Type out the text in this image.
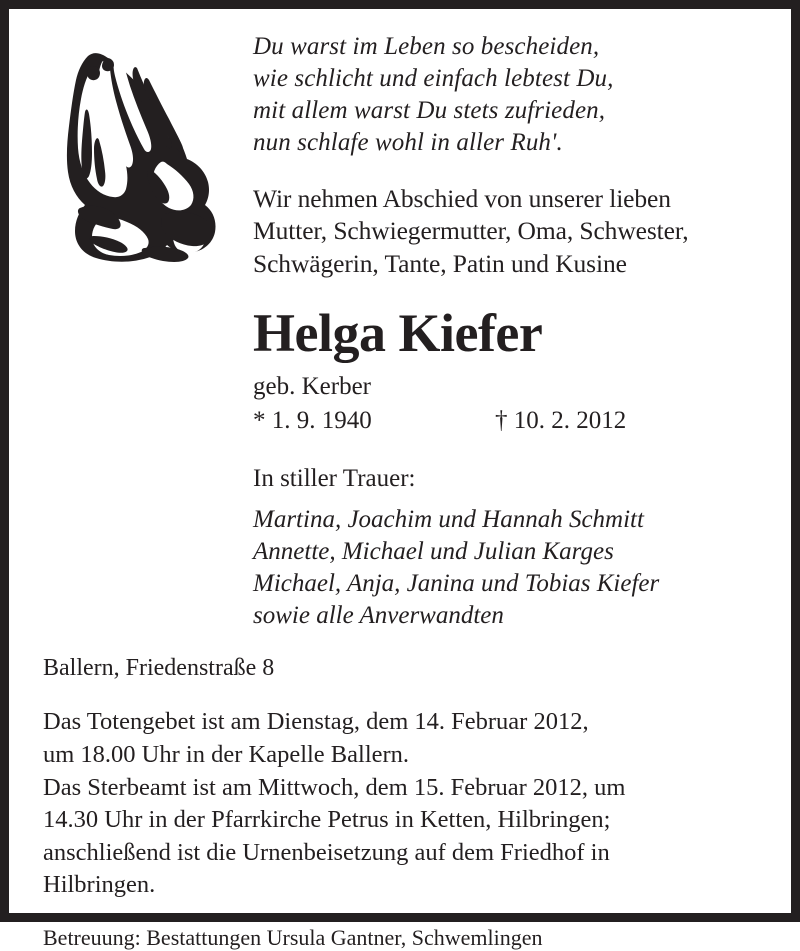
Du warst im Leben so bescheiden,
wie schlicht und einfach lebtest Du,
mit allem warst Du stets zufrieden,
nun schlafe wohl in aller Ruh'.
Wir nehmen Abschied von unserer lieben
Mutter, Schwiegermutter, Oma, Schwester,
Schwägerin, Tante, Patin und Kusine
Helga Kiefer
geb. Kerber
* 1. 9. 1940	† 10. 2. 2012
In stiller Trauer:
Martina, Joachim und Hannah Schmitt
Annette, Michael und Julian Karges
Michael, Anja, Janina und Tobias Kiefer
sowie alle Anverwandten
Ballern, Friedenstraße 8

Das Totengebet ist am Dienstag, dem 14. Februar 2012,

um 18.00 Uhr in der Kapelle Ballern.

Das Sterbeamt ist am Mittwoch, dem 15. Februar 2012, um

14.30 Uhr in der Pfarrkirche Petrus in Ketten, Hilbringen;

anschließend ist die Urnenbeisetzung auf dem Friedhof in

Hilbringen.

Betreuung: Bestattungen Ursula Gantner, Schwemlingen
